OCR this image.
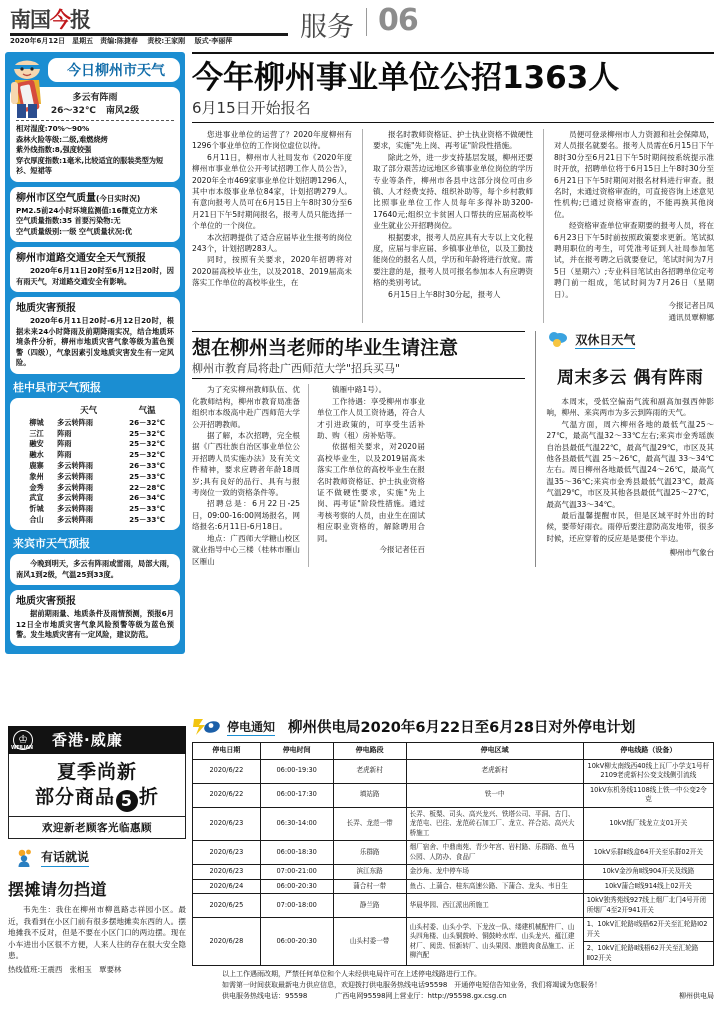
南国今报
2020年6月12日　星期五　责编:陈捷春　 责校:王家刚　 版式·李丽萍	服务 06
今日柳州市天气
多云有阵雨
26～32℃ 南风2级
相对湿度:70%～90%
森林火险等级:二级,难燃烧烤
紫外线指数:8,强度较强
穿衣厚度指数:1毫米,比较适宜的服装类型为短衫、短裙等
柳州市区空气质量(今日实时况)
PM2.5前24小时环境监测值:16微克立方米
空气质量指数:35 首要污染物:无
空气质量级别:一级 空气质量状况:优
柳州市道路交通安全天气预报
2020年6月11日20时至6月12日20时，因有雨天气，对道路交通安全有影响。
地质灾害预报
2020年6月11日20时-6月12日20时，根据未来24小时降雨及前期降雨实况，结合地质环境条件分析，柳州市地质灾害气象等级为蓝色预警（四级），气象因素引发地质灾害发生有一定风险。
桂中县市天气预报
	天气	气温
柳城	多云转阵雨	26－32℃
三江	阵雨	25－32℃
融安	阵雨	25－32℃
融水	阵雨	25－32℃
鹿寨	多云转阵雨	26－33℃
象州	多云转阵雨	25－33℃
金秀	多云转阵雨	22－28℃
武宣	多云转阵雨	26－34℃
忻城	多云转阵雨	25－33℃
合山	多云转阵雨	25－33℃
来宾市天气预报
今晚到明天，多云有阵雨或雷雨，局部大雨，南风1到2级，气温25到33度。
地质灾害预报
据前期雨量、地质条件及雨情预测，预报6月12日全市地质灾害气象风险预警等级为蓝色预警。发生地质灾害有一定风险，建议防范。
♔
WEILIAN 香港·威廉
夏季尚新
部分商品 5 折
欢迎新老顾客光临惠顾
有话就说
摆摊请勿挡道
韦先生：我住在柳州市柳邕路志祥园小区。最近，我看到在小区门前有很多摆地摊卖东西的人。摆地摊我不反对，但是不要在小区门口的两边摆。现在小车进出小区很不方便，人来人往的存在很大安全隐患。
热线值班:王震西　张相玉　覃要林
今年柳州事业单位公招1363人
6月15日开始报名

您进事业单位的运营了？2020年度柳州有1296个事业单位的工作岗位虚位以待。

6月11日，柳州市人社局发布《2020年度柳州市事业单位公开考试招聘工作人员公告》，2020年全市469家事业单位计划招聘1296人，其中市本级事业单位84家，计划招聘279人。有意向报考人员可在6月15日上午8时30分至6月21日下午5时期间报名，报考人员只能选择一个单位的一个岗位。

本次招聘提供了适合应届毕业生报考的岗位243个，计划招聘283人。

同时，按照有关要求，2020年招聘将对2020届高校毕业生，以及2018、2019届高未落实工作单位的高校毕业生，在

报名时教师资格证、护士执业资格不做硬性要求，实施"先上岗、再考证"阶段性措施。

除此之外，进一步支持基层发展，柳州还要取了部分艰苦边远地区乡镇事业单位岗位的学历专业等条件，柳州市各县中这部分岗位可由乡镇、人才经费支持、组织补助等，每个乡村教师比照事业单位工作人员每年多得补助3200-17640元;组织立卡贫困人口帮扶的应届高校毕业生就业公开招聘岗位。

根据要求，报考人员应具有大专以上文化程度，应届与非应届、乡镇事业单位，以及工勤技能岗位的报名人员，学历和年龄将进行放宽。需要注意的是，报考人员可报名参加本人有应聘资格的类别考试。

6月15日上午8时30分起，报考人

员便可登录柳州市人力资源和社会保障局，对人员报名就要名。报考人员需在6月15日下午8时30分至6月21日下午5时期间按系统提示准时开放，招聘单位将于6月15日上午8时30分至6月21日下午5时期间对报名材料进行审查。报名时，未通过资格审查的，可直接咨询上述意见性机构;已通过资格审查的，不能再换其他岗位。

经资格审查单位审查期要的报考人员，将在6月23日下午5时前按照政策要求更新。笔试拟聘用职位的考生，可凭准考证到人社局参加笔试，并在报考聘之后就要登记，笔试时间为7月5日（星期六）;专业科目笔试由各招聘单位定考聘门前一组成，笔试时间为7月26日（星期日）。

今报记者吕凤

通讯员覃柳娜

想在柳州当老师的毕业生请注意
柳州市教育局将赴广西师范大学"招兵买马"

为了充实柳州教师队伍、优化教师结构，柳州市教育局准备组织市本级高中赴广西师范大学公开招聘教师。

据了解，本次招聘，完全根据《广西壮族自治区事业单位公开招聘人员实施办法》及有关文件精神，要求应聘者年龄18周岁;具有良好的品行、具有与报考岗位一致的资格条件等。

招聘总是：6月22日-25日，09:00-16:00网场报名，网络报名:6月11日-6月18日。

地点：广西师大学糖山校区就业指导中心三楼（桂林市雁山区雁山

镇雁中路1号）。

工作待遇：享受柳州市事业单位工作人员工资待遇，符合人才引进政策的，可享受生活补助、购（租）房补贴等。

依据相关要求，对2020届高校毕业生，以及2019届高未落实工作单位的高校毕业生在报名时教师资格证、护士执业资格证不做硬性要求，实施"先上岗、再考证"阶段性措施。通过考核考察的人员，由业生在面试相应职业资格的，解除聘用合同。

今报记者任百

双休日天气
周末多云 偶有阵雨

本周末，受低空偏南气流和副高加强西伸影响，柳州、来宾两市为多云到阵雨的天气。

气温方面，周六柳州各地的最低气温25～27℃，最高气温32～33℃左右;来宾市金秀瑶族自治县最低气温22℃，最高气温29℃，市区及其他各县最低气温 25～26℃，最高气温 33～34℃左右。周日柳州各地最低气温24～26℃，最高气温35～36℃;来宾市金秀县最低气温23℃，最高气温29℃，市区及其他各县最低气温25～27℃，最高气温33～34℃。

最后温馨提醒市民，但是区域平时外出的时候，要带好雨衣。雨停后要注意防高发地带，很多时候，还应穿着的反应是是要使个半边。

柳州市气象台
停电通知 柳州供电局2020年6月22日至6月28日对外停电计划
停电日期	停电时间	停电路段	停电区域	停电线路（设备）
2020/6/22	06:00-19:30	老虎新村	老虎新村	10kV柳太南线西40线上瓦厂小学支1号杆2109老虎新村公变支线侧引流线
2020/6/22	06:00-17:30	填站路	铁一中	10kV东机务线1108线上铁一中公变2令克
2020/6/23	06:30-14:00	长弄、龙范一带	长弄、板梨、司头、高兴龙兴、铁塔公司、平洞、古门、龙范屯、巴往、龙范砖石加工厂、龙立、祥合站、高兴大桥施工	10kV纸厂线龙立支01开关
2020/6/23	06:00-18:30	乐群路	烟厂宿舍、中鼎南苑、青少年宫、岩村路、乐群路、鱼马公园、人防办、食品厂	10kV乐群Ⅱ线盒64开关至乐群02开关
2020/6/23	07:00-21:00	滨江东路	金沙角、龙中停车场	10kV金沙角Ⅱ线904开关及线路
2020/6/24	06:00-20:30	蒲合村一带	鱼占、上蒲合、桂东高速公路、下蒲合、龙头、韦日生	10kV蒲合Ⅱ线914线上02开关
2020/6/25	07:00-18:00	静兰路	华晨华园、西江派出所施工	10kV独秀苑线927线上烟厂北门4号开闭所烟厂4至2开941开关
2020/6/28	06:00-20:30	山头村委一带	山头村委、山头小学、下龙汝一队、缕建机械配件厂、山头四角楼、山头铜鼓岭、铜鼓岭水库、山头龙兴、蕴江建材厂、阅贵、恒新转厂、山头果园、康胜肉食品施工、正柳汽配	1、10kV汇轮路Ⅰ线梧62开关至汇轮路Ⅰ02开关
				2、10kV汇轮路Ⅱ线梧62开关至汇轮路Ⅱ02开关
以上工作遇雨改期，严禁任何单位和个人未经供电局许可在上述停电线路进行工作。
如需第一时间获取最新电力供应信息，欢迎拨打供电服务热线电话95598　开通停电短信告知业务，我们将竭诚为您服务！
供电服务热线电话：95598	广西电网95598网上营业厅：http://95598.gx.csg.cn	柳州供电局
